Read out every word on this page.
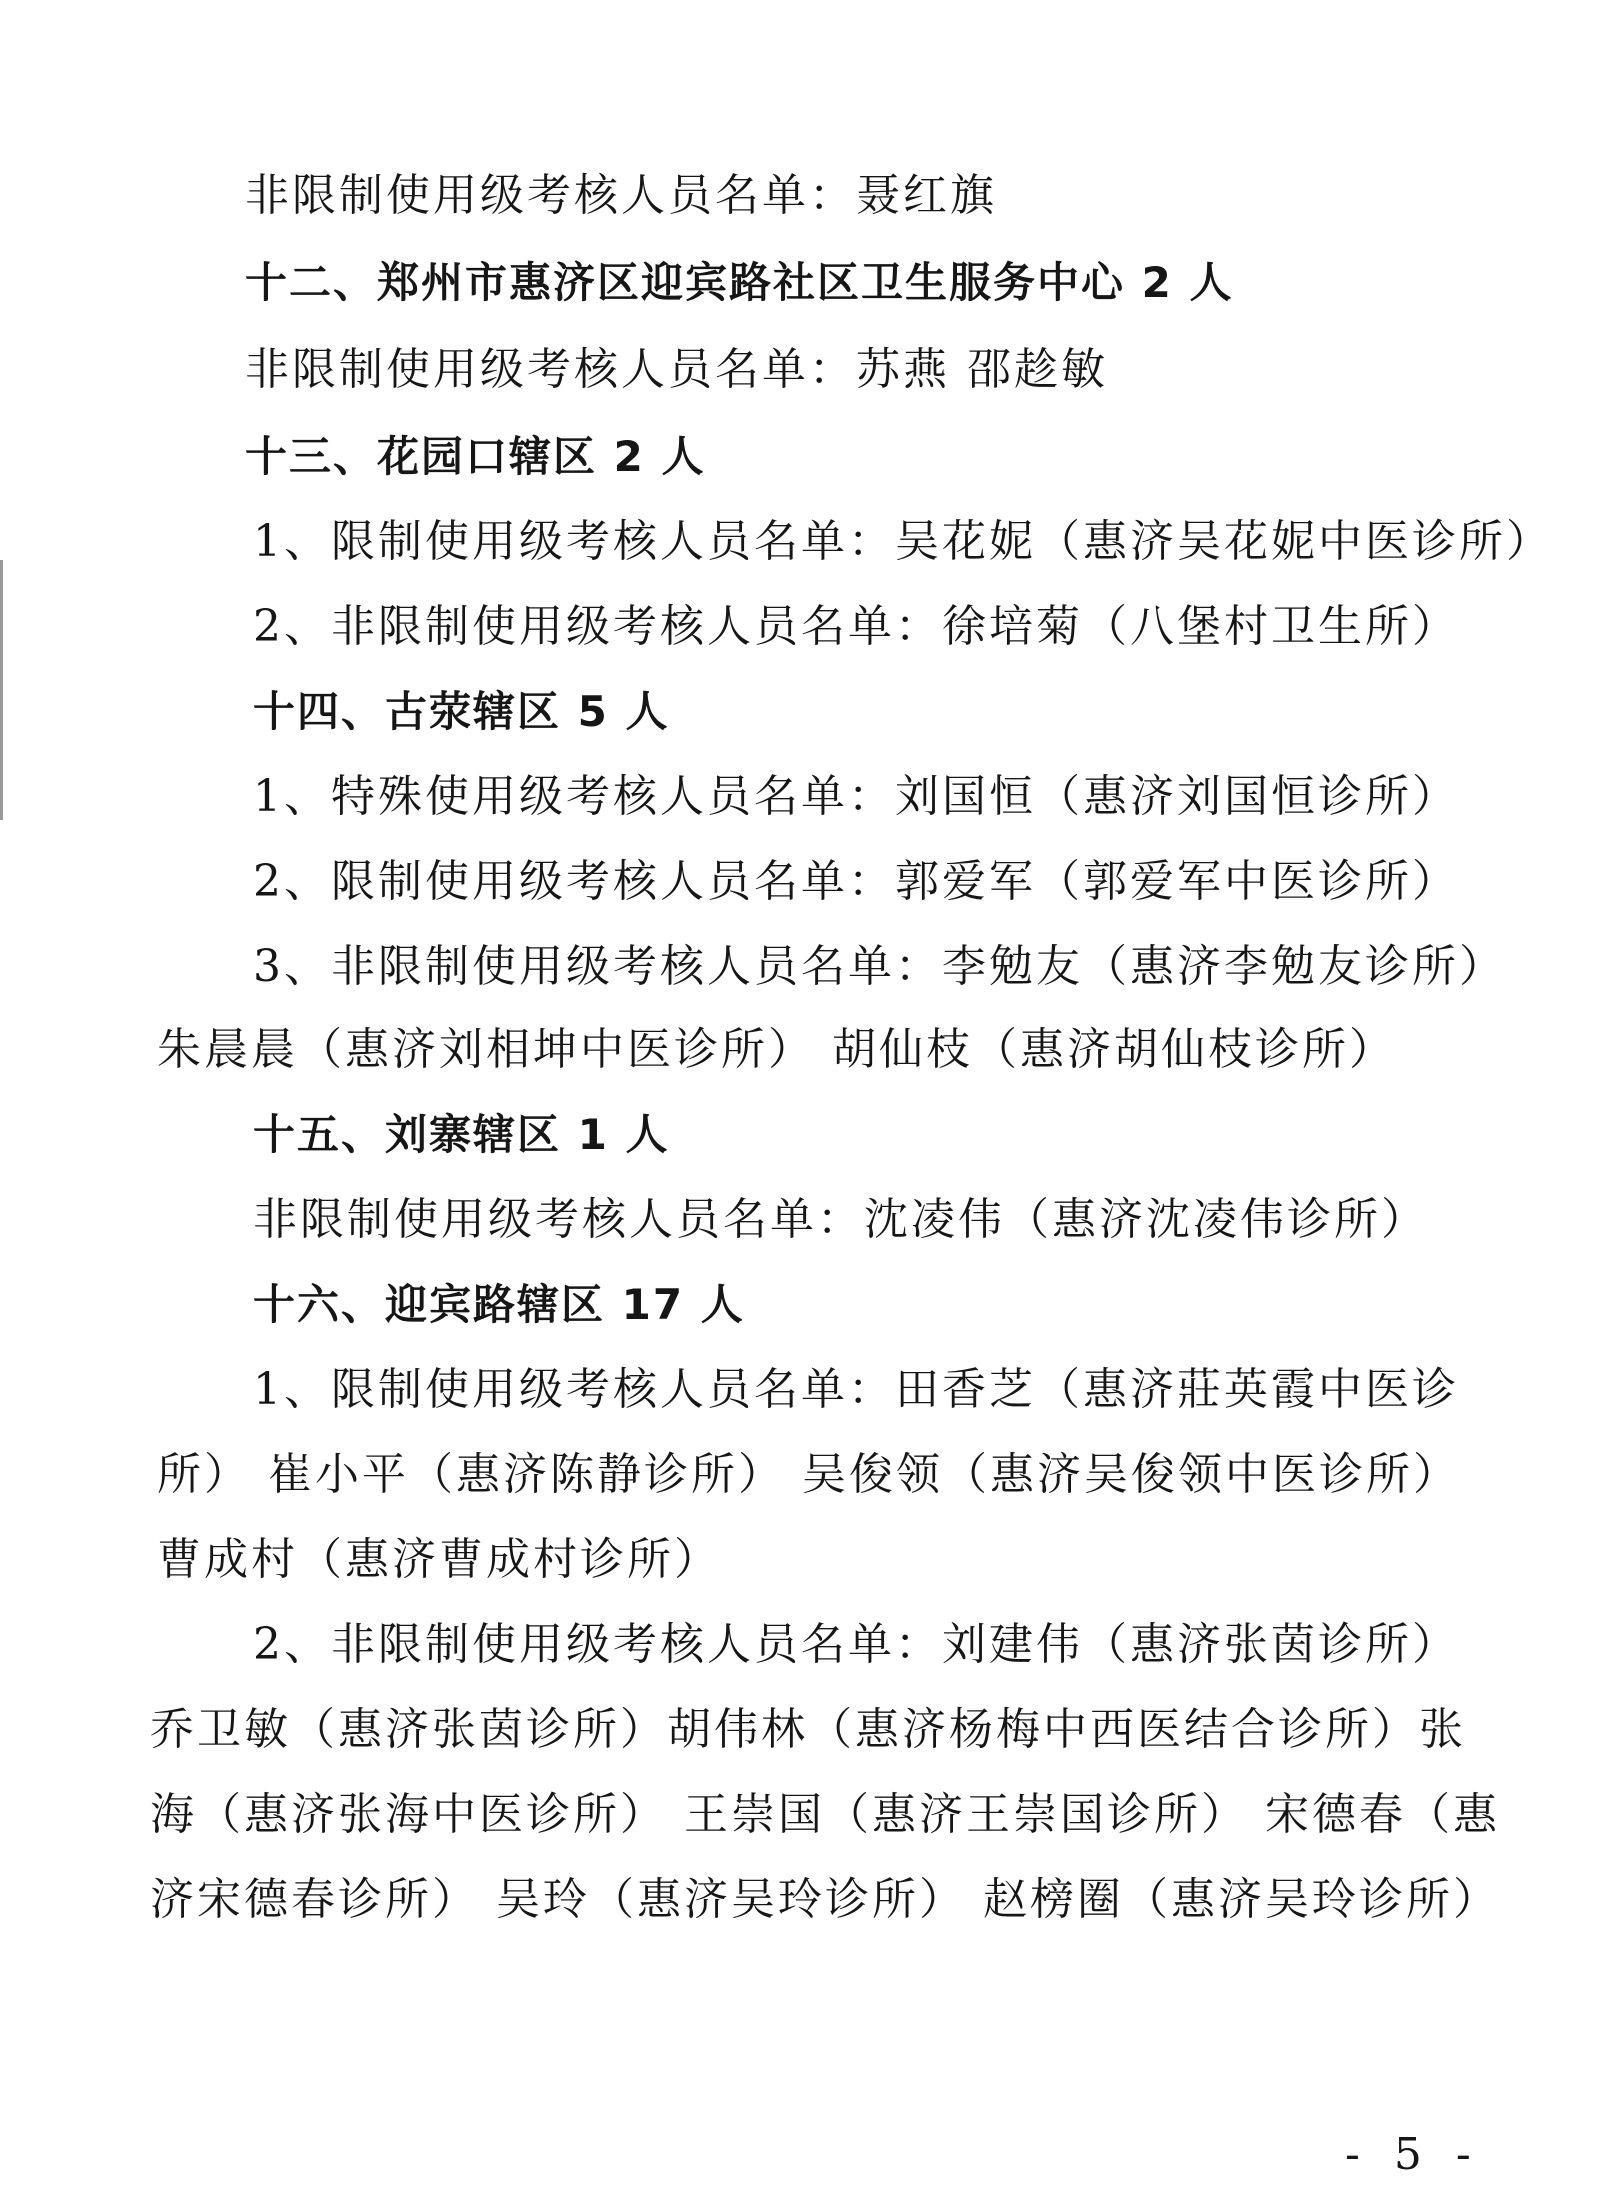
非限制使用级考核人员名单：聂红旗
十二、郑州市惠济区迎宾路社区卫生服务中心 2 人
非限制使用级考核人员名单：苏燕 邵趁敏
十三、花园口辖区 2 人
1、限制使用级考核人员名单：吴花妮（惠济吴花妮中医诊所）
2、非限制使用级考核人员名单：徐培菊（八堡村卫生所）
十四、古荥辖区 5 人
1、特殊使用级考核人员名单：刘国恒（惠济刘国恒诊所）
2、限制使用级考核人员名单：郭爱军（郭爱军中医诊所）
3、非限制使用级考核人员名单：李勉友（惠济李勉友诊所）
朱晨晨（惠济刘相坤中医诊所） 胡仙枝（惠济胡仙枝诊所）
十五、刘寨辖区 1 人
非限制使用级考核人员名单：沈凌伟（惠济沈凌伟诊所）
十六、迎宾路辖区 17 人
1、限制使用级考核人员名单：田香芝（惠济莊英霞中医诊
所） 崔小平（惠济陈静诊所） 吴俊领（惠济吴俊领中医诊所）
曹成村（惠济曹成村诊所）
2、非限制使用级考核人员名单：刘建伟（惠济张茵诊所）
乔卫敏（惠济张茵诊所）胡伟林（惠济杨梅中西医结合诊所）张
海（惠济张海中医诊所） 王崇国（惠济王崇国诊所） 宋德春（惠
济宋德春诊所） 吴玲（惠济吴玲诊所） 赵榜圈（惠济吴玲诊所）
- 5 -
